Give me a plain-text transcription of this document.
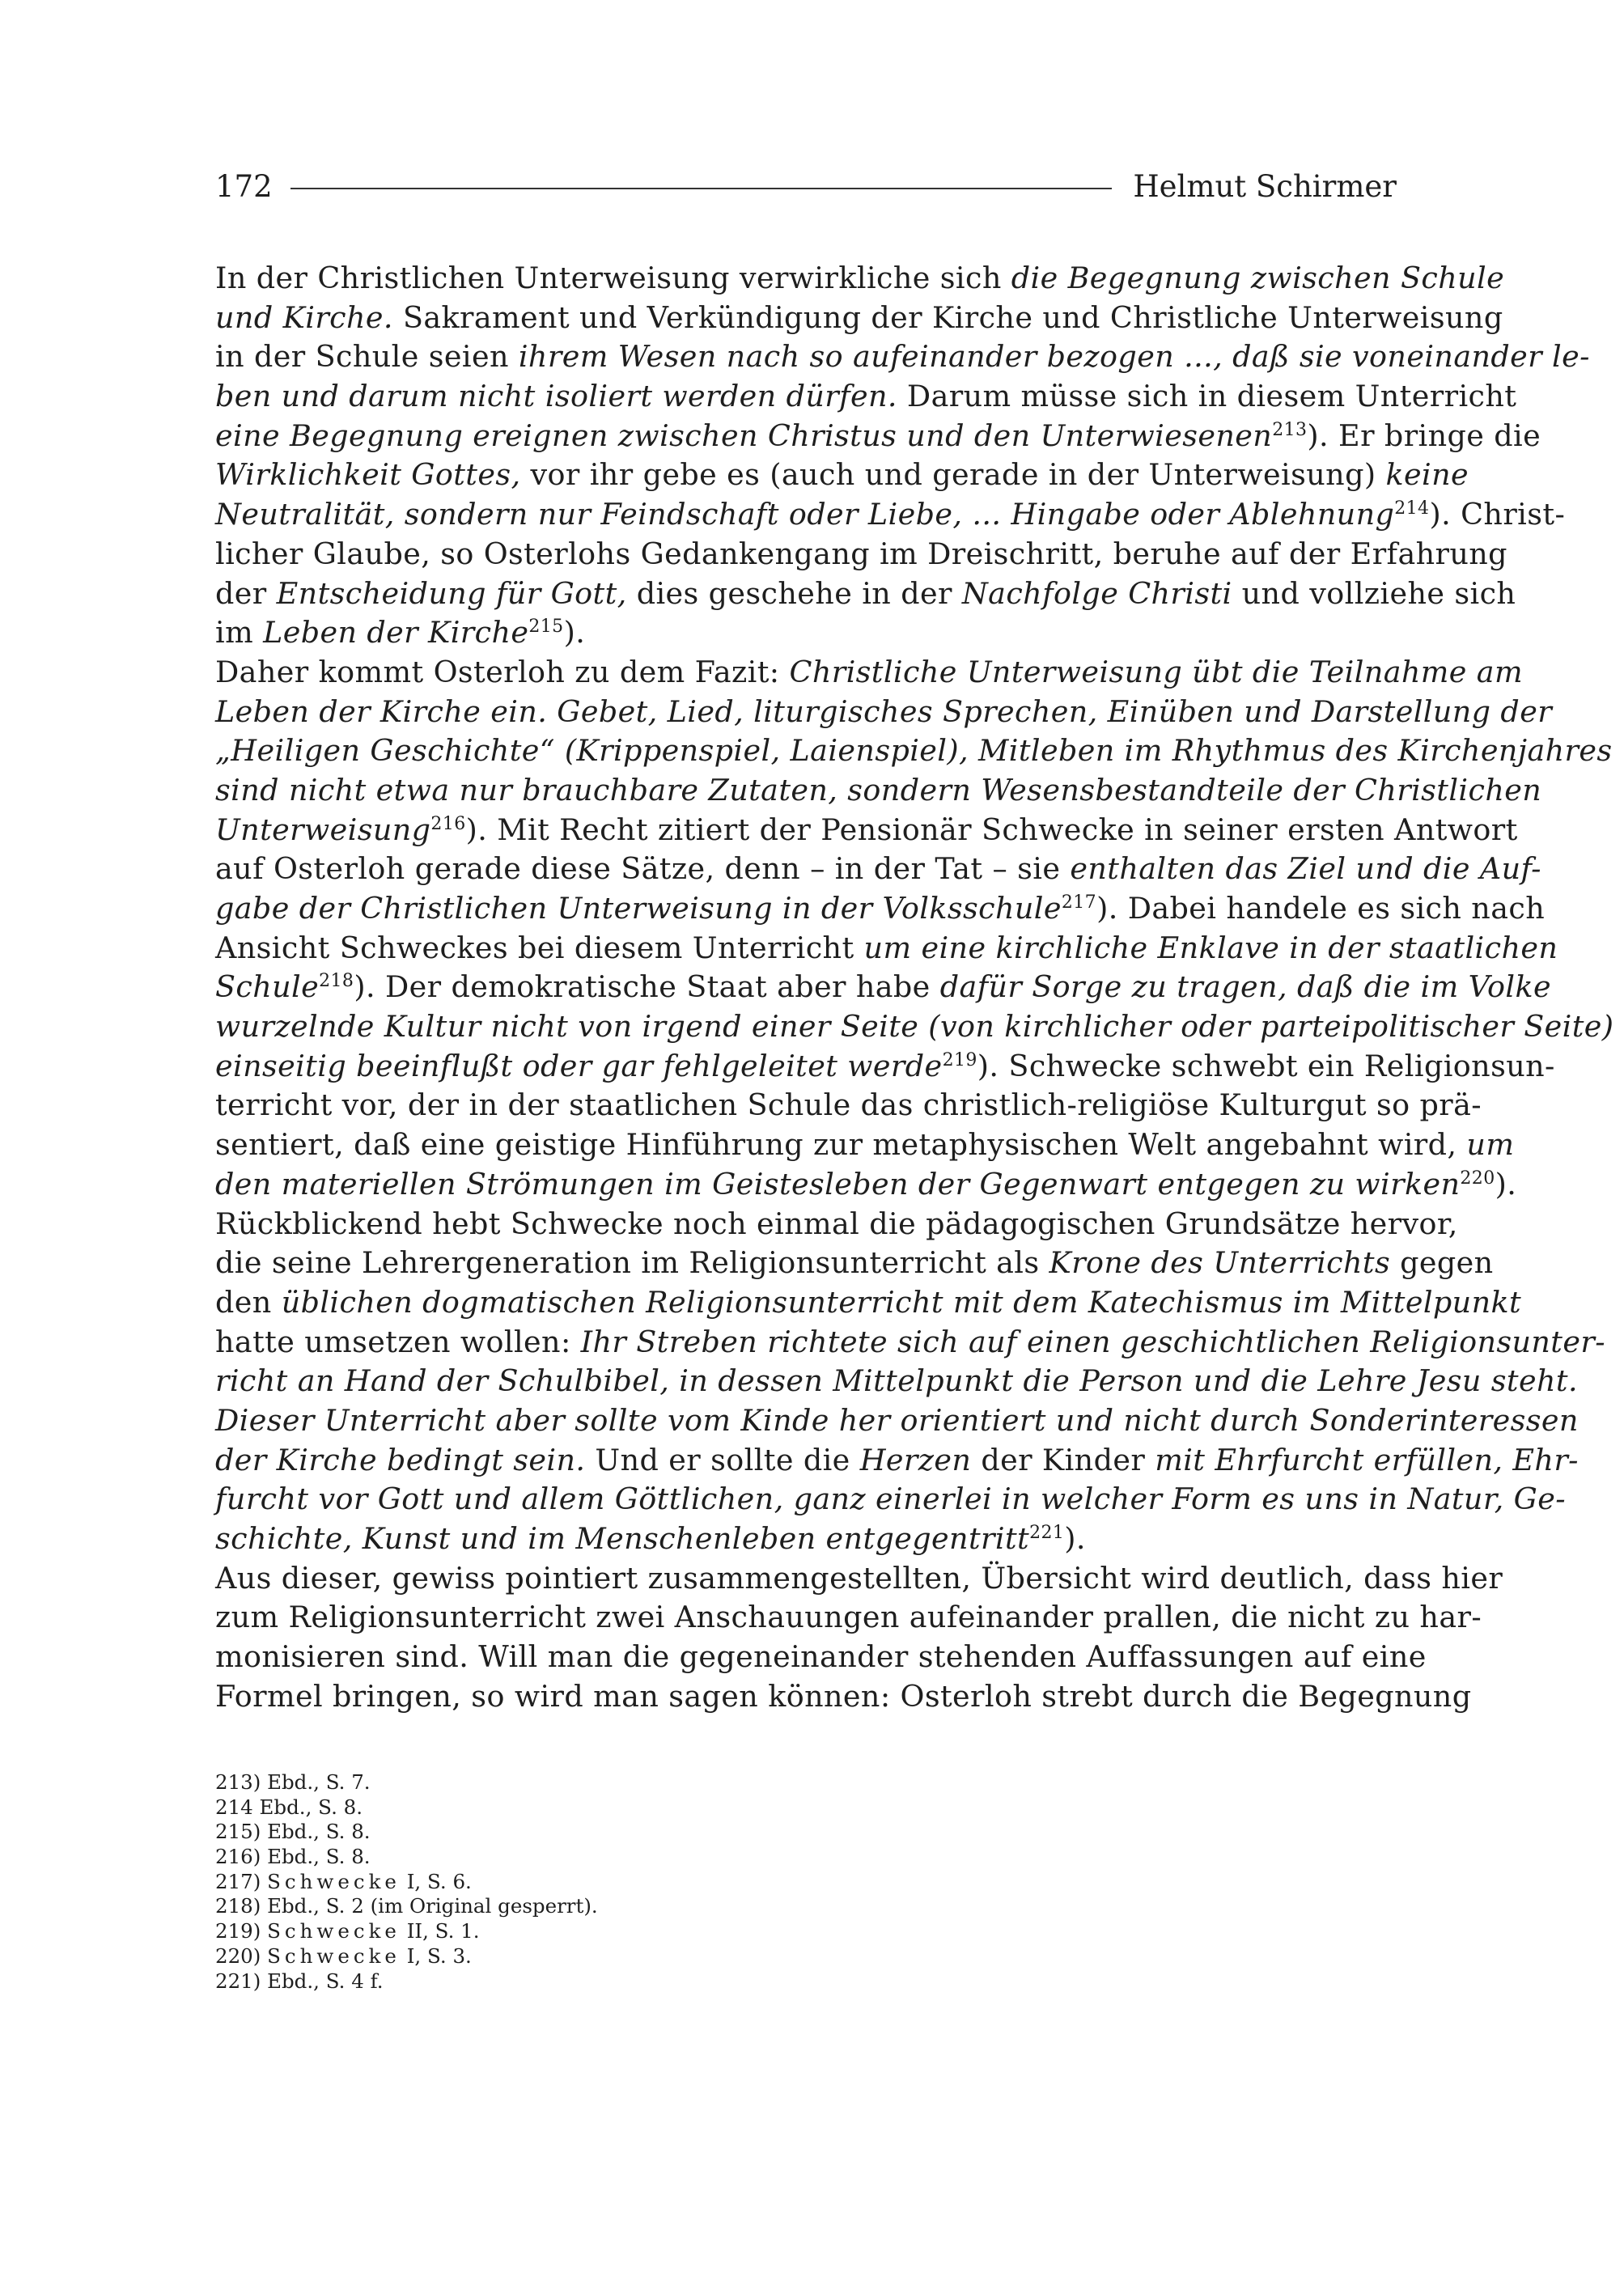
172	Helmut Schirmer
In der Christlichen Unterweisung verwirkliche sich die Begegnung zwischen Schule
und Kirche. Sakrament und Verkündigung der Kirche und Christliche Unterweisung
in der Schule seien ihrem Wesen nach so aufeinander bezogen ..., daß sie voneinander le-
ben und darum nicht isoliert werden dürfen. Darum müsse sich in diesem Unterricht
eine Begegnung ereignen zwischen Christus und den Unterwiesenen$^{213}$). Er bringe die
Wirklichkeit Gottes, vor ihr gebe es (auch und gerade in der Unterweisung) keine
Neutralität, sondern nur Feindschaft oder Liebe, ... Hingabe oder Ablehnung$^{214}$). Christ-
licher Glaube, so Osterlohs Gedankengang im Dreischritt, beruhe auf der Erfahrung
der Entscheidung für Gott, dies geschehe in der Nachfolge Christi und vollziehe sich
im Leben der Kirche$^{215}$).
Daher kommt Osterloh zu dem Fazit: Christliche Unterweisung übt die Teilnahme am
Leben der Kirche ein. Gebet, Lied, liturgisches Sprechen, Einüben und Darstellung der
„Heiligen Geschichte“ (Krippenspiel, Laienspiel), Mitleben im Rhythmus des Kirchenjahres
sind nicht etwa nur brauchbare Zutaten, sondern Wesensbestandteile der Christlichen
Unterweisung$^{216}$). Mit Recht zitiert der Pensionär Schwecke in seiner ersten Antwort
auf Osterloh gerade diese Sätze, denn – in der Tat – sie enthalten das Ziel und die Auf-
gabe der Christlichen Unterweisung in der Volksschule$^{217}$). Dabei handele es sich nach
Ansicht Schweckes bei diesem Unterricht um eine kirchliche Enklave in der staatlichen
Schule$^{218}$). Der demokratische Staat aber habe dafür Sorge zu tragen, daß die im Volke
wurzelnde Kultur nicht von irgend einer Seite (von kirchlicher oder parteipolitischer Seite)
einseitig beeinflußt oder gar fehlgeleitet werde$^{219}$). Schwecke schwebt ein Religionsun-
terricht vor, der in der staatlichen Schule das christlich-religiöse Kulturgut so prä-
sentiert, daß eine geistige Hinführung zur metaphysischen Welt angebahnt wird, um
den materiellen Strömungen im Geistesleben der Gegenwart entgegen zu wirken$^{220}$).
Rückblickend hebt Schwecke noch einmal die pädagogischen Grundsätze hervor,
die seine Lehrergeneration im Religionsunterricht als Krone des Unterrichts gegen
den üblichen dogmatischen Religionsunterricht mit dem Katechismus im Mittelpunkt
hatte umsetzen wollen: Ihr Streben richtete sich auf einen geschichtlichen Religionsunter-
richt an Hand der Schulbibel, in dessen Mittelpunkt die Person und die Lehre Jesu steht.
Dieser Unterricht aber sollte vom Kinde her orientiert und nicht durch Sonderinteressen
der Kirche bedingt sein. Und er sollte die Herzen der Kinder mit Ehrfurcht erfüllen, Ehr-
furcht vor Gott und allem Göttlichen, ganz einerlei in welcher Form es uns in Natur, Ge-
schichte, Kunst und im Menschenleben entgegentritt$^{221}$).
Aus dieser, gewiss pointiert zusammengestellten, Übersicht wird deutlich, dass hier
zum Religionsunterricht zwei Anschauungen aufeinander prallen, die nicht zu har-
monisieren sind. Will man die gegeneinander stehenden Auffassungen auf eine
Formel bringen, so wird man sagen können: Osterloh strebt durch die Begegnung
213) Ebd., S. 7.
214 Ebd., S. 8.
215) Ebd., S. 8.
216) Ebd., S. 8.
217) Schwecke I, S. 6.
218) Ebd., S. 2 (im Original gesperrt).
219) Schwecke II, S. 1.
220) Schwecke I, S. 3.
221) Ebd., S. 4 f.
